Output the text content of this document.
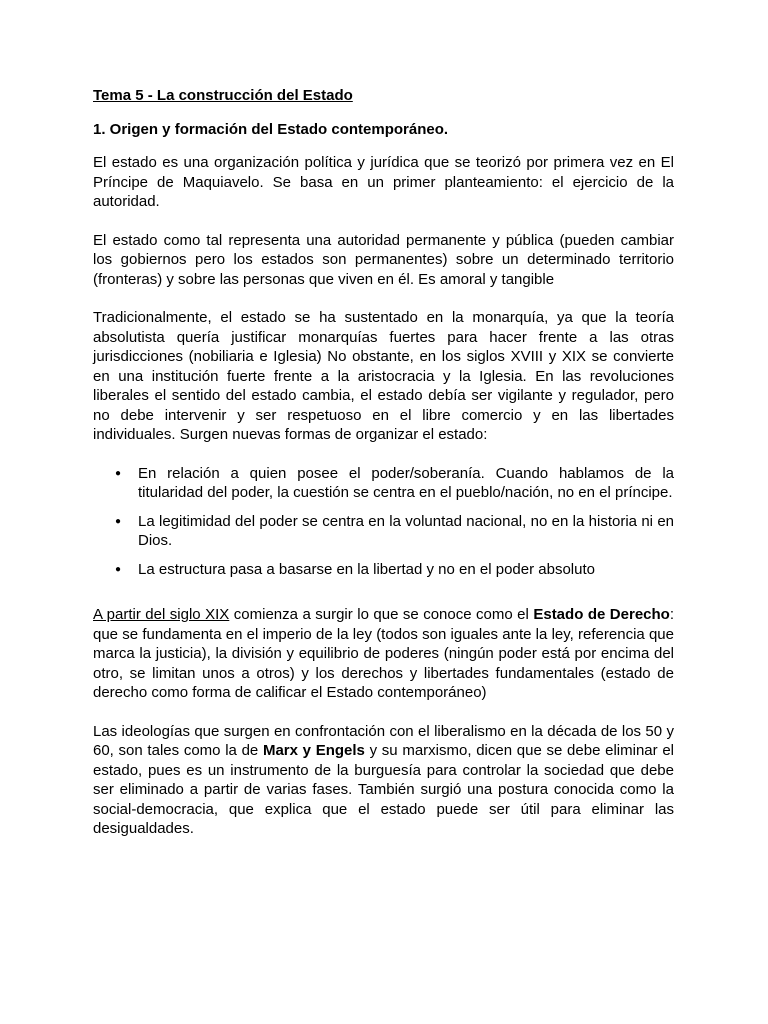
Tema 5 - La construcción del Estado
1. Origen y formación del Estado contemporáneo.

El estado es una organización política y jurídica que se teorizó por primera vez en El Príncipe de Maquiavelo. Se basa en un primer planteamiento: el ejercicio de la autoridad.

El estado como tal representa una autoridad permanente y pública (pueden cambiar los gobiernos pero los estados son permanentes) sobre un determinado territorio (fronteras) y sobre las personas que viven en él. Es amoral y tangible

Tradicionalmente, el estado se ha sustentado en la monarquía, ya que la teoría absolutista quería justificar monarquías fuertes para hacer frente a las otras jurisdicciones (nobiliaria e Iglesia) No obstante, en los siglos XVIII y XIX se convierte en una institución fuerte frente a la aristocracia y la Iglesia. En las revoluciones liberales el sentido del estado cambia, el estado debía ser vigilante y regulador, pero no debe intervenir y ser respetuoso en el libre comercio y en las libertades individuales. Surgen nuevas formas de organizar el estado:

● En relación a quien posee el poder/soberanía. Cuando hablamos de la titularidad del poder, la cuestión se centra en el pueblo/nación, no en el príncipe.
● La legitimidad del poder se centra en la voluntad nacional, no en la historia ni en Dios.
● La estructura pasa a basarse en la libertad y no en el poder absoluto

A partir del siglo XIX comienza a surgir lo que se conoce como el Estado de Derecho: que se fundamenta en el imperio de la ley (todos son iguales ante la ley, referencia que marca la justicia), la división y equilibrio de poderes (ningún poder está por encima del otro, se limitan unos a otros) y los derechos y libertades fundamentales (estado de derecho como forma de calificar el Estado contemporáneo)

Las ideologías que surgen en confrontación con el liberalismo en la década de los 50 y 60, son tales como la de Marx y Engels y su marxismo, dicen que se debe eliminar el estado, pues es un instrumento de la burguesía para controlar la sociedad que debe ser eliminado a partir de varias fases. También surgió una postura conocida como la social-democracia, que explica que el estado puede ser útil para eliminar las desigualdades.
